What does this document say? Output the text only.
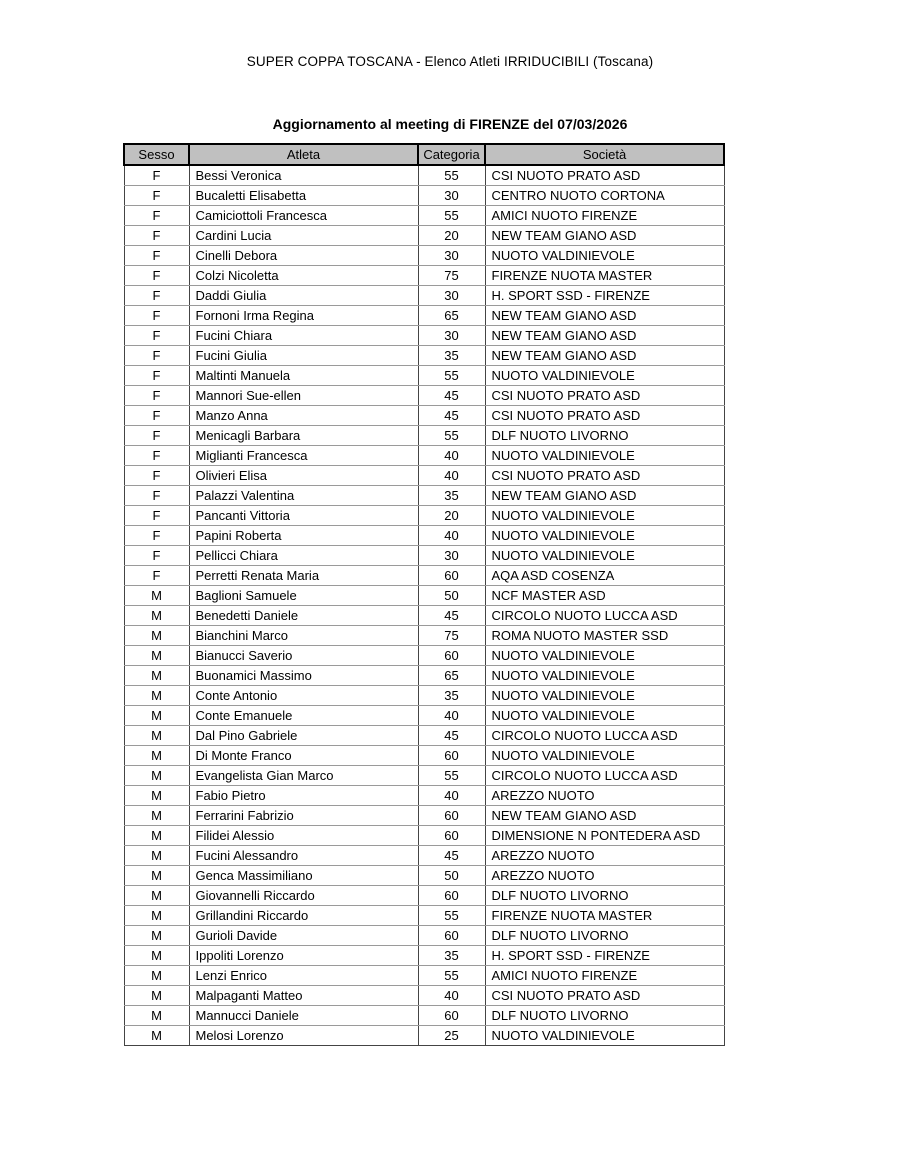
SUPER COPPA TOSCANA - Elenco Atleti IRRIDUCIBILI (Toscana)
Aggiornamento al meeting di FIRENZE del 07/03/2026
Sesso	Atleta	Categoria	Società
F	Bessi Veronica	55	CSI NUOTO PRATO ASD
F	Bucaletti Elisabetta	30	CENTRO NUOTO CORTONA
F	Camiciottoli Francesca	55	AMICI NUOTO FIRENZE
F	Cardini Lucia	20	NEW TEAM GIANO ASD
F	Cinelli Debora	30	NUOTO VALDINIEVOLE
F	Colzi Nicoletta	75	FIRENZE NUOTA MASTER
F	Daddi Giulia	30	H. SPORT SSD - FIRENZE
F	Fornoni Irma Regina	65	NEW TEAM GIANO ASD
F	Fucini Chiara	30	NEW TEAM GIANO ASD
F	Fucini Giulia	35	NEW TEAM GIANO ASD
F	Maltinti Manuela	55	NUOTO VALDINIEVOLE
F	Mannori Sue-ellen	45	CSI NUOTO PRATO ASD
F	Manzo Anna	45	CSI NUOTO PRATO ASD
F	Menicagli Barbara	55	DLF NUOTO LIVORNO
F	Miglianti Francesca	40	NUOTO VALDINIEVOLE
F	Olivieri Elisa	40	CSI NUOTO PRATO ASD
F	Palazzi Valentina	35	NEW TEAM GIANO ASD
F	Pancanti Vittoria	20	NUOTO VALDINIEVOLE
F	Papini Roberta	40	NUOTO VALDINIEVOLE
F	Pellicci Chiara	30	NUOTO VALDINIEVOLE
F	Perretti Renata Maria	60	AQA ASD COSENZA
M	Baglioni Samuele	50	NCF MASTER ASD
M	Benedetti Daniele	45	CIRCOLO NUOTO LUCCA ASD
M	Bianchini Marco	75	ROMA NUOTO MASTER SSD
M	Bianucci Saverio	60	NUOTO VALDINIEVOLE
M	Buonamici Massimo	65	NUOTO VALDINIEVOLE
M	Conte Antonio	35	NUOTO VALDINIEVOLE
M	Conte Emanuele	40	NUOTO VALDINIEVOLE
M	Dal Pino Gabriele	45	CIRCOLO NUOTO LUCCA ASD
M	Di Monte Franco	60	NUOTO VALDINIEVOLE
M	Evangelista Gian Marco	55	CIRCOLO NUOTO LUCCA ASD
M	Fabio Pietro	40	AREZZO NUOTO
M	Ferrarini Fabrizio	60	NEW TEAM GIANO ASD
M	Filidei Alessio	60	DIMENSIONE N PONTEDERA ASD
M	Fucini Alessandro	45	AREZZO NUOTO
M	Genca Massimiliano	50	AREZZO NUOTO
M	Giovannelli Riccardo	60	DLF NUOTO LIVORNO
M	Grillandini Riccardo	55	FIRENZE NUOTA MASTER
M	Gurioli Davide	60	DLF NUOTO LIVORNO
M	Ippoliti Lorenzo	35	H. SPORT SSD - FIRENZE
M	Lenzi Enrico	55	AMICI NUOTO FIRENZE
M	Malpaganti Matteo	40	CSI NUOTO PRATO ASD
M	Mannucci Daniele	60	DLF NUOTO LIVORNO
M	Melosi Lorenzo	25	NUOTO VALDINIEVOLE
